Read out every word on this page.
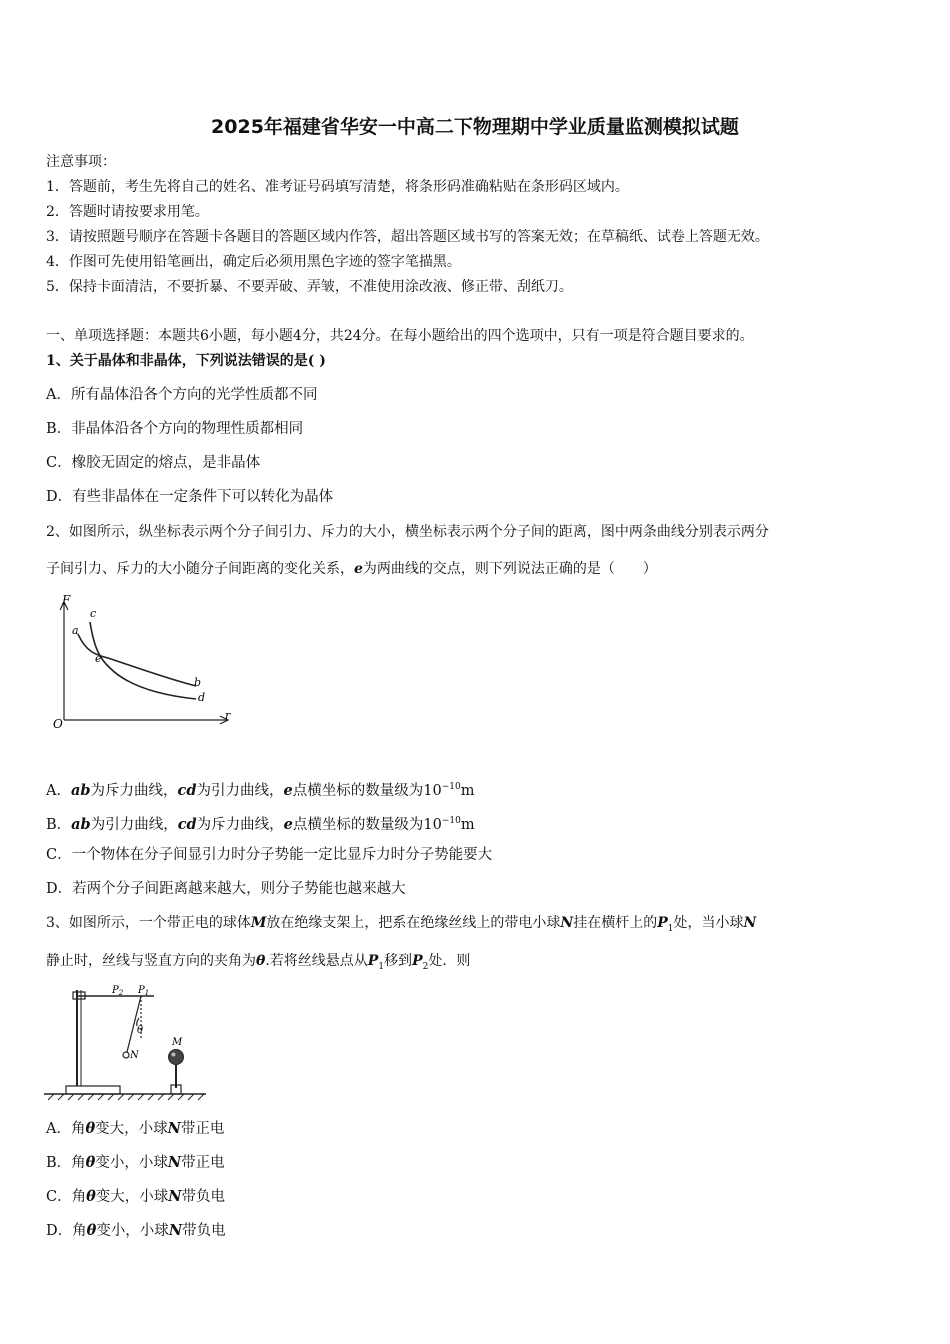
2025年福建省华安一中高二下物理期中学业质量监测模拟试题
注意事项：
1．答题前，考生先将自己的姓名、准考证号码填写清楚，将条形码准确粘贴在条形码区域内。
2．答题时请按要求用笔。
3．请按照题号顺序在答题卡各题目的答题区域内作答，超出答题区域书写的答案无效；在草稿纸、试卷上答题无效。
4．作图可先使用铅笔画出，确定后必须用黑色字迹的签字笔描黑。
5．保持卡面清洁，不要折暴、不要弄破、弄皱，不准使用涂改液、修正带、刮纸刀。
一、单项选择题：本题共6小题，每小题4分，共24分。在每小题给出的四个选项中，只有一项是符合题目要求的。
1、关于晶体和非晶体，下列说法错误的是( )
A．所有晶体沿各个方向的光学性质都不同
B．非晶体沿各个方向的物理性质都相同
C．橡胶无固定的熔点，是非晶体
D．有些非晶体在一定条件下可以转化为晶体
2、如图所示，纵坐标表示两个分子间引力、斥力的大小，横坐标表示两个分子间的距离，图中两条曲线分别表示两分
子间引力、斥力的大小随分子间距离的变化关系，e为两曲线的交点，则下列说法正确的是（　　）
F
r
O
a
b
c
d
e
A．ab为斥力曲线，cd为引力曲线，e点横坐标的数量级为$10^{-10}m$
B．ab为引力曲线，cd为斥力曲线，e点横坐标的数量级为$10^{-10}m$
C．一个物体在分子间显引力时分子势能一定比显斥力时分子势能要大
D．若两个分子间距离越来越大，则分子势能也越来越大
3、如图所示，一个带正电的球体M放在绝缘支架上，把系在绝缘丝线上的带电小球N挂在横杆上的$P_1$处，当小球N
静止时，丝线与竖直方向的夹角为θ.若将丝线悬点从$P_1$移到$P_2$处．则
$P_2$ $P_1$
θ
N
M
A．角θ变大，小球N带正电
B．角θ变小，小球N带正电
C．角θ变大，小球N带负电
D．角θ变小，小球N带负电
